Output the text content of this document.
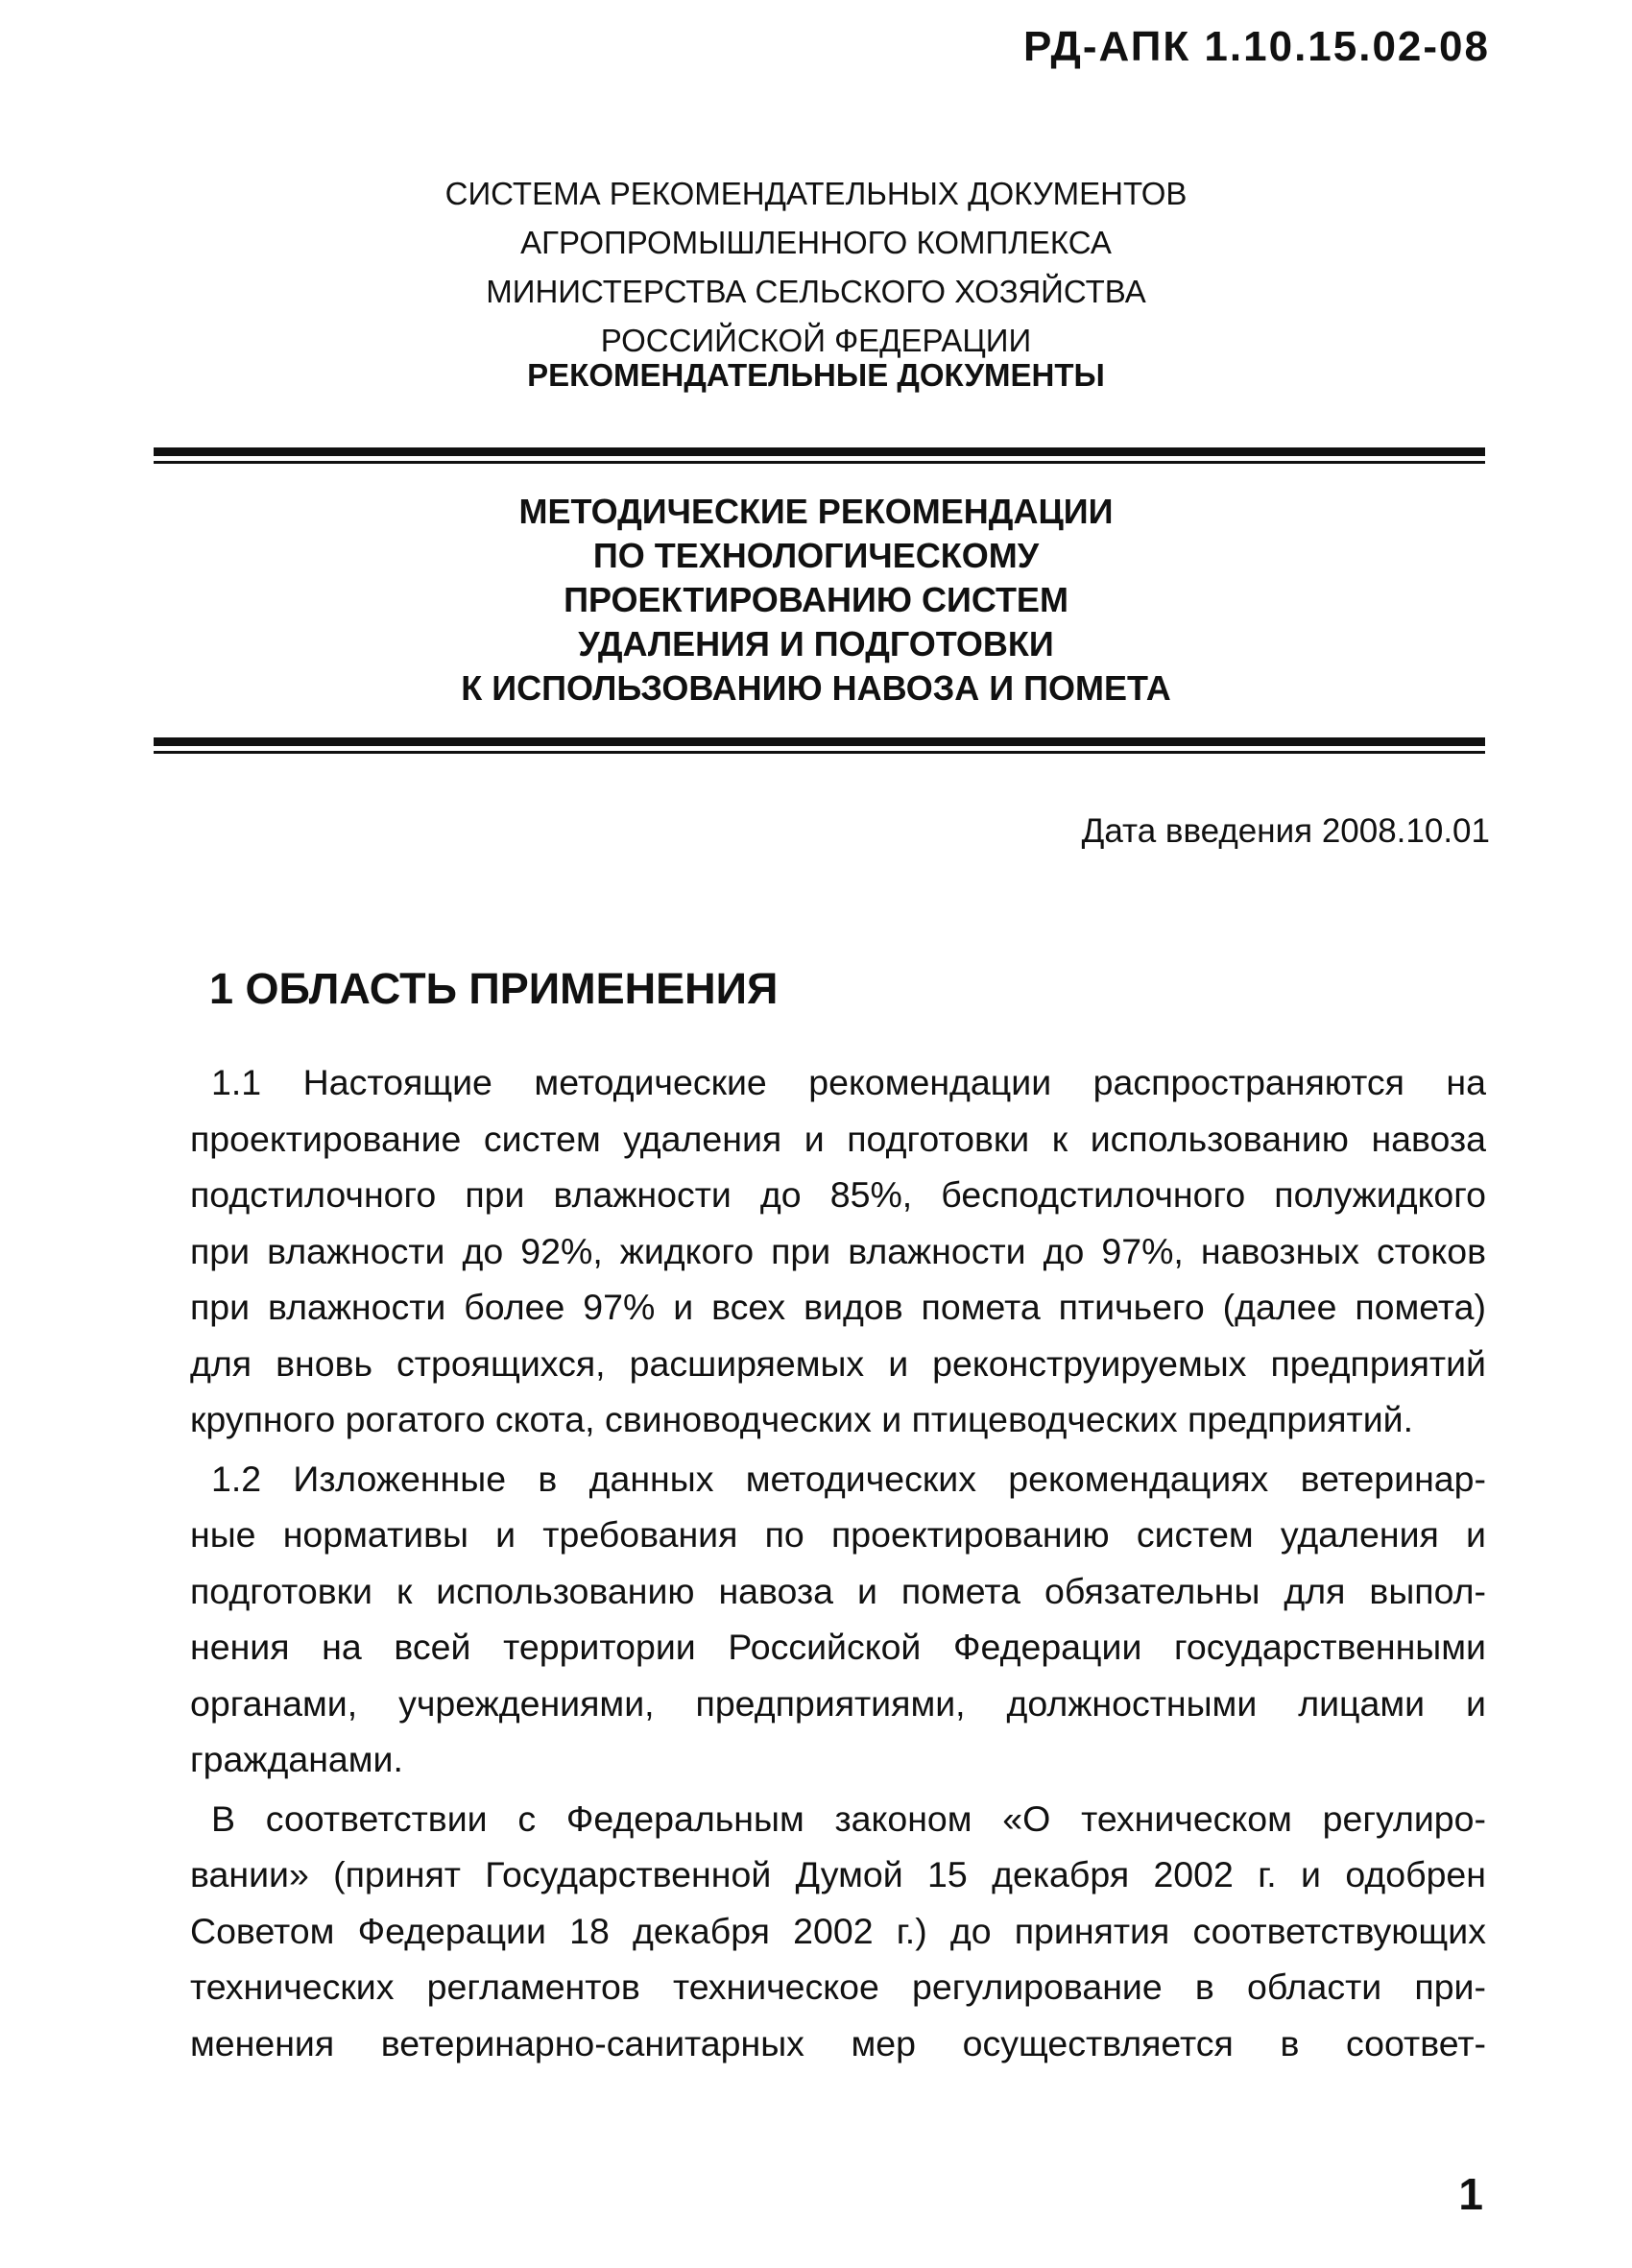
РД-АПК 1.10.15.02-08
СИСТЕМА РЕКОМЕНДАТЕЛЬНЫХ ДОКУМЕНТОВ
АГРОПРОМЫШЛЕННОГО КОМПЛЕКСА
МИНИСТЕРСТВА СЕЛЬСКОГО ХОЗЯЙСТВА
РОССИЙСКОЙ ФЕДЕРАЦИИ
РЕКОМЕНДАТЕЛЬНЫЕ ДОКУМЕНТЫ
МЕТОДИЧЕСКИЕ РЕКОМЕНДАЦИИ
ПО ТЕХНОЛОГИЧЕСКОМУ
ПРОЕКТИРОВАНИЮ СИСТЕМ
УДАЛЕНИЯ И ПОДГОТОВКИ
К ИСПОЛЬЗОВАНИЮ НАВОЗА И ПОМЕТА
Дата введения 2008.10.01
1 ОБЛАСТЬ ПРИМЕНЕНИЯ
1.1 Настоящие методические рекомендации распространяются на
проектирование систем удаления и подготовки к использованию навоза
подстилочного при влажности до 85%, бесподстилочного полужидкого
при влажности до 92%, жидкого при влажности до 97%, навозных стоков
при влажности более 97% и всех видов помета птичьего (далее помета)
для вновь строящихся, расширяемых и реконструируемых предприятий
крупного рогатого скота, свиноводческих и птицеводческих предприятий.
1.2 Изложенные в данных методических рекомендациях ветеринар-
ные нормативы и требования по проектированию систем удаления и
подготовки к использованию навоза и помета обязательны для выпол-
нения на всей территории Российской Федерации государственными
органами, учреждениями, предприятиями, должностными лицами и
гражданами.
В соответствии с Федеральным законом «О техническом регулиро-
вании» (принят Государственной Думой 15 декабря 2002 г. и одобрен
Советом Федерации 18 декабря 2002 г.) до принятия соответствующих
технических регламентов техническое регулирование в области при-
менения ветеринарно-санитарных мер осуществляется в соответ-
1
